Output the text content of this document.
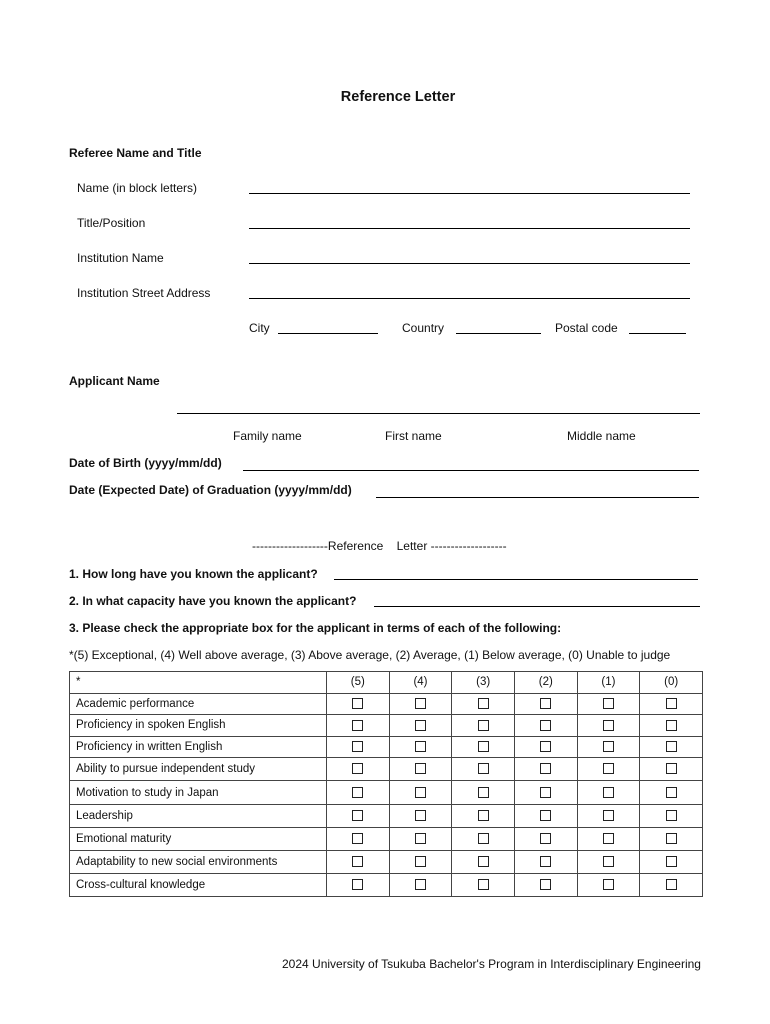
Reference Letter
Referee Name and Title
Name (in block letters)
Title/Position
Institution Name
Institution Street Address
City	Country	Postal code
Applicant Name
Family name	First name	Middle name
Date of Birth (yyyy/mm/dd)
Date (Expected Date) of Graduation (yyyy/mm/dd)
-------------------Reference    Letter -------------------
1. How long have you known the applicant?
2. In what capacity have you known the applicant?
3. Please check the appropriate box for the applicant in terms of each of the following:
*(5) Exceptional, (4) Well above average, (3) Above average, (2) Average, (1) Below average, (0) Unable to judge
*	(5)	(4)	(3)	(2)	(1)	(0)
Academic performance						
Proficiency in spoken English						
Proficiency in written English						
Ability to pursue independent study						
Motivation to study in Japan						
Leadership						
Emotional maturity						
Adaptability to new social environments						
Cross-cultural knowledge						
2024 University of Tsukuba Bachelor's Program in Interdisciplinary Engineering
